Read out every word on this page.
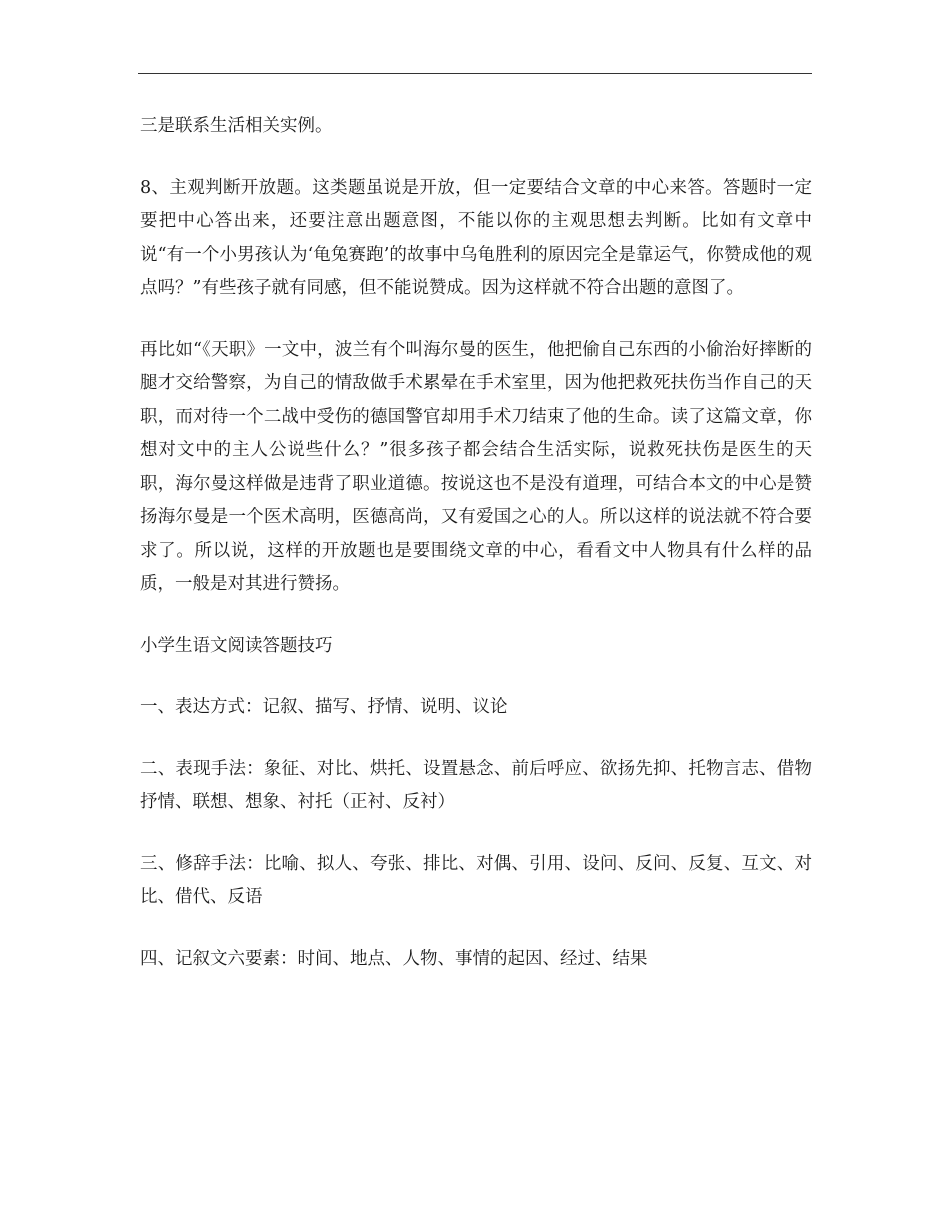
三是联系生活相关实例。

8、主观判断开放题。这类题虽说是开放，但一定要结合文章的中心来答。答题时一定要把中心答出来，还要注意出题意图，不能以你的主观思想去判断。比如有文章中说“有一个小男孩认为‘龟兔赛跑’的故事中乌龟胜利的原因完全是靠运气，你赞成他的观点吗？”有些孩子就有同感，但不能说赞成。因为这样就不符合出题的意图了。

再比如“《天职》一文中，波兰有个叫海尔曼的医生，他把偷自己东西的小偷治好摔断的腿才交给警察，为自己的情敌做手术累晕在手术室里，因为他把救死扶伤当作自己的天职，而对待一个二战中受伤的德国警官却用手术刀结束了他的生命。读了这篇文章，你想对文中的主人公说些什么？”很多孩子都会结合生活实际，说救死扶伤是医生的天职，海尔曼这样做是违背了职业道德。按说这也不是没有道理，可结合本文的中心是赞扬海尔曼是一个医术高明，医德高尚，又有爱国之心的人。所以这样的说法就不符合要求了。所以说，这样的开放题也是要围绕文章的中心，看看文中人物具有什么样的品质，一般是对其进行赞扬。

小学生语文阅读答题技巧

一、表达方式：记叙、描写、抒情、说明、议论

二、表现手法：象征、对比、烘托、设置悬念、前后呼应、欲扬先抑、托物言志、借物抒情、联想、想象、衬托（正衬、反衬）

三、修辞手法：比喻、拟人、夸张、排比、对偶、引用、设问、反问、反复、互文、对比、借代、反语

四、记叙文六要素：时间、地点、人物、事情的起因、经过、结果
